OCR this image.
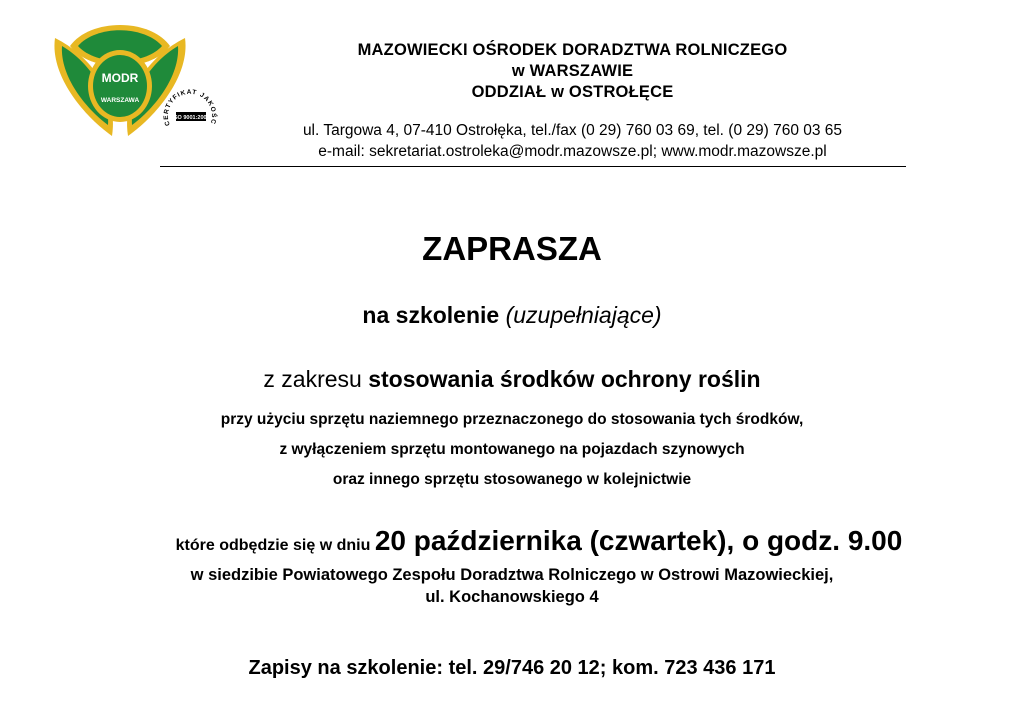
MODR
WARSZAWA
CERTYFIKAT JAKOŚC
ISO 9001:2001
MAZOWIECKI OŚRODEK DORADZTWA ROLNICZEGO
w WARSZAWIE
ODDZIAŁ w OSTROŁĘCE
ul. Targowa 4, 07-410 Ostrołęka, tel./fax (0 29) 760 03 69, tel. (0 29) 760 03 65
e-mail: sekretariat.ostroleka@modr.mazowsze.pl; www.modr.mazowsze.pl
ZAPRASZA
na szkolenie (uzupełniające)
z zakresu stosowania środków ochrony roślin
przy użyciu sprzętu naziemnego przeznaczonego do stosowania tych środków,
z wyłączeniem sprzętu montowanego na pojazdach szynowych
oraz innego sprzętu stosowanego w kolejnictwie
które odbędzie się w dniu 20 października (czwartek), o godz. 9.00
w siedzibie Powiatowego Zespołu Doradztwa Rolniczego w Ostrowi Mazowieckiej,
ul. Kochanowskiego 4
Zapisy na szkolenie: tel. 29/746 20 12; kom. 723 436 171
